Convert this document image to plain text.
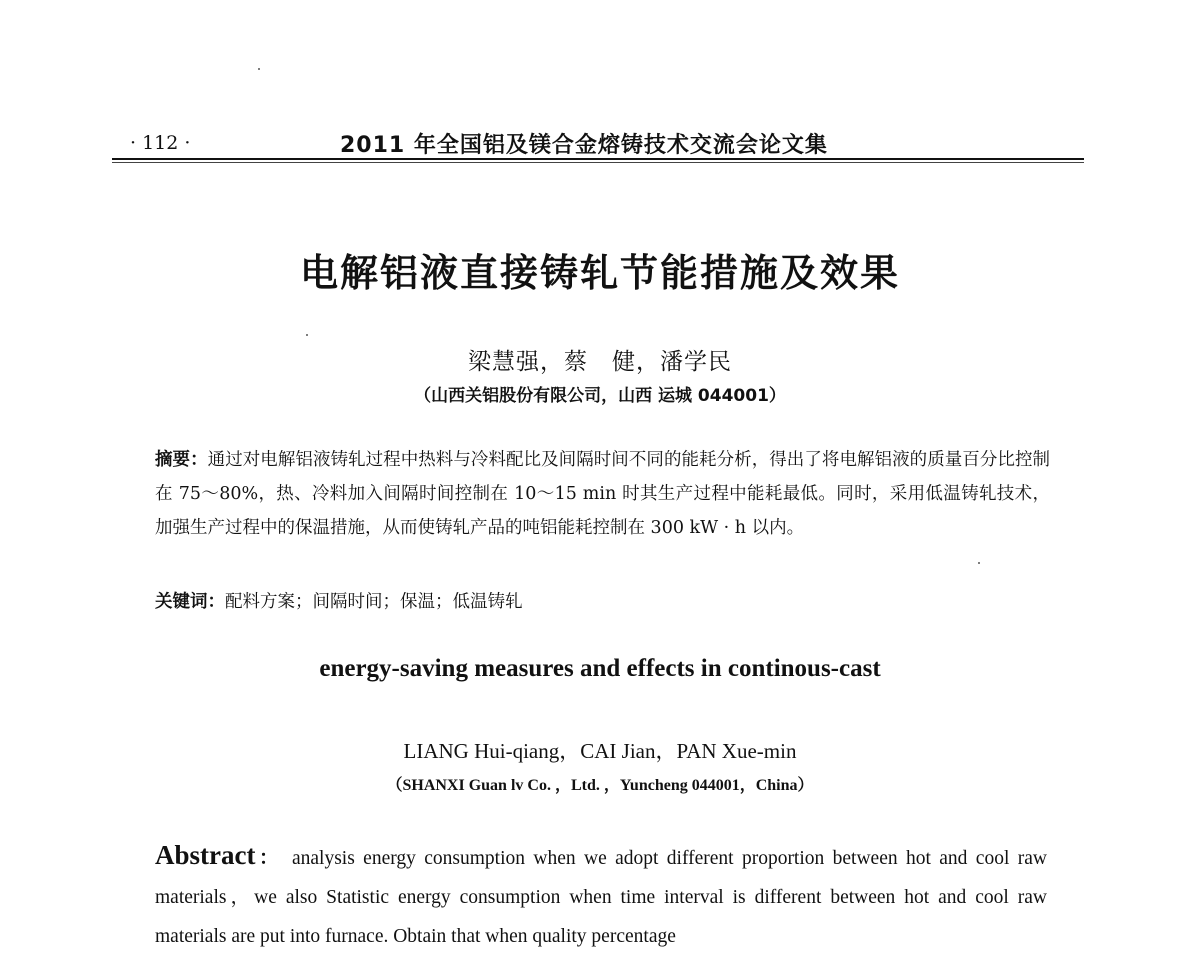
· 112 ·	2011 年全国铝及镁合金熔铸技术交流会论文集
电解铝液直接铸轧节能措施及效果
梁慧强，蔡　健，潘学民
（山西关铝股份有限公司，山西 运城 044001）
摘要：通过对电解铝液铸轧过程中热料与冷料配比及间隔时间不同的能耗分析，得出了将电解铝液的质量百分比控制在 75～80%，热、冷料加入间隔时间控制在 10～15 min 时其生产过程中能耗最低。同时，采用低温铸轧技术，加强生产过程中的保温措施，从而使铸轧产品的吨铝能耗控制在 300 kW · h 以内。
关键词：配料方案；间隔时间；保温；低温铸轧
energy-saving measures and effects in continous-cast
LIANG Hui-qiang，CAI Jian，PAN Xue-min
（SHANXI Guan lv Co. ，Ltd. ，Yuncheng 044001，China）
Abstract： analysis energy consumption when we adopt different proportion between hot and cool raw materials，we also Statistic energy consumption when time interval is different between hot and cool raw materials are put into furnace. Obtain that when quality percentage
